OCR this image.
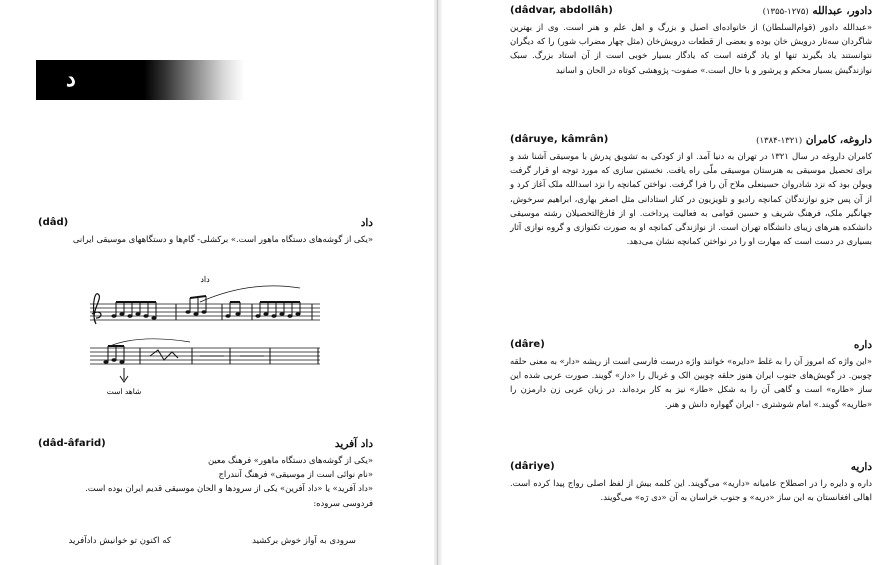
د
داد
(dâd)
«یکی از گوشه‌های دستگاه ماهور است.» برکشلی- گام‌ها و دستگاههای موسیقی ایرانی
داد
شاهد است
داد آفرید
(dâd-âfarid)
«یکی از گوشه‌های دستگاه ماهور» فرهنگ معین
«نام نوائی است از موسیقی» فرهنگ آنندراج
«داد آفرید» یا «داد آفرین» یکی از سرودها و الحان موسیقی قدیم ایران بوده است.
فردوسی سروده:
سرودی به آواز خوش برکشید
که اکنون تو خوانیش دادآفرید
دادور، عبدالله (۱۲۷۵-۱۳۵۵)
(dâdvar, abdollâh)
«عبدالله دادور (قوام‌السلطان) از خانواده‌ای اصیل و بزرگ و اهل علم و هنر است. وی از بهترین شاگردان سه‌تار درویش خان بوده و بعضی از قطعات درویش‌خان (مثل چهار مضراب شور) را که دیگران نتوانستند یاد بگیرند تنها او یاد گرفته است که یادگار بسیار خوبی است از آن استاد بزرگ. سبک نوازندگیش بسیار محکم و پرشور و با حال است.» صفوت- پژوهشی کوتاه در الحان و اسانید
داروغه، کامران (۱۳۲۱-۱۳۸۴)
(dâruye, kâmrân)
کامران داروغه در سال ۱۳۲۱ در تهران به دنیا آمد. او از کودکی به تشویق پدرش با موسیقی آشنا شد و برای تحصیل موسیقی به هنرستان موسیقی ملّی راه یافت. نخستین سازی که مورد توجه او قرار گرفت ویولن بود که نزد شادروان حسینعلی ملاح آن را فرا گرفت. نواختن کمانچه را نزد اسدالله ملک آغاز کرد و از آن پس جزو نوازندگان کمانچه رادیو و تلویزیون در کنار استادانی مثل اصغر بهاری، ابراهیم سرخوش، جهانگیر ملک، فرهنگ شریف و حسین قوامی به فعالیت پرداخت. او از فارغ‌التحصیلان رشته موسیقی دانشکده هنرهای زیبای دانشگاه تهران است. از نوازندگی کمانچه او به صورت تکنوازی و گروه نوازی آثار بسیاری در دست است که مهارت او را در نواختن کمانچه نشان می‌دهد.
داره
(dâre)
«این واژه که امروز آن را به غلط «دایره» خوانند واژه درست فارسی است از ریشه «دار» به معنی حلقه چوبین. در گویش‌های جنوب ایران هنوز حلقه چوبین الک و غربال را «دار» گویند. صورت عربی شده این ساز «طاره» است و گاهی آن را به شکل «طار» نیز به کار برده‌اند. در زبان عربی زن دارمزن را «طاریه» گویند.» امام شوشتری - ایران گهواره دانش و هنر.
داریه
(dâriye)
داره و دایره را در اصطلاح عامیانه «داریه» می‌گویند. این کلمه بیش از لفظ اصلی رواج پیدا کرده است. اهالی افغانستان به این ساز «دریه» و جنوب خراسان به آن «دی رَه» می‌گویند.
